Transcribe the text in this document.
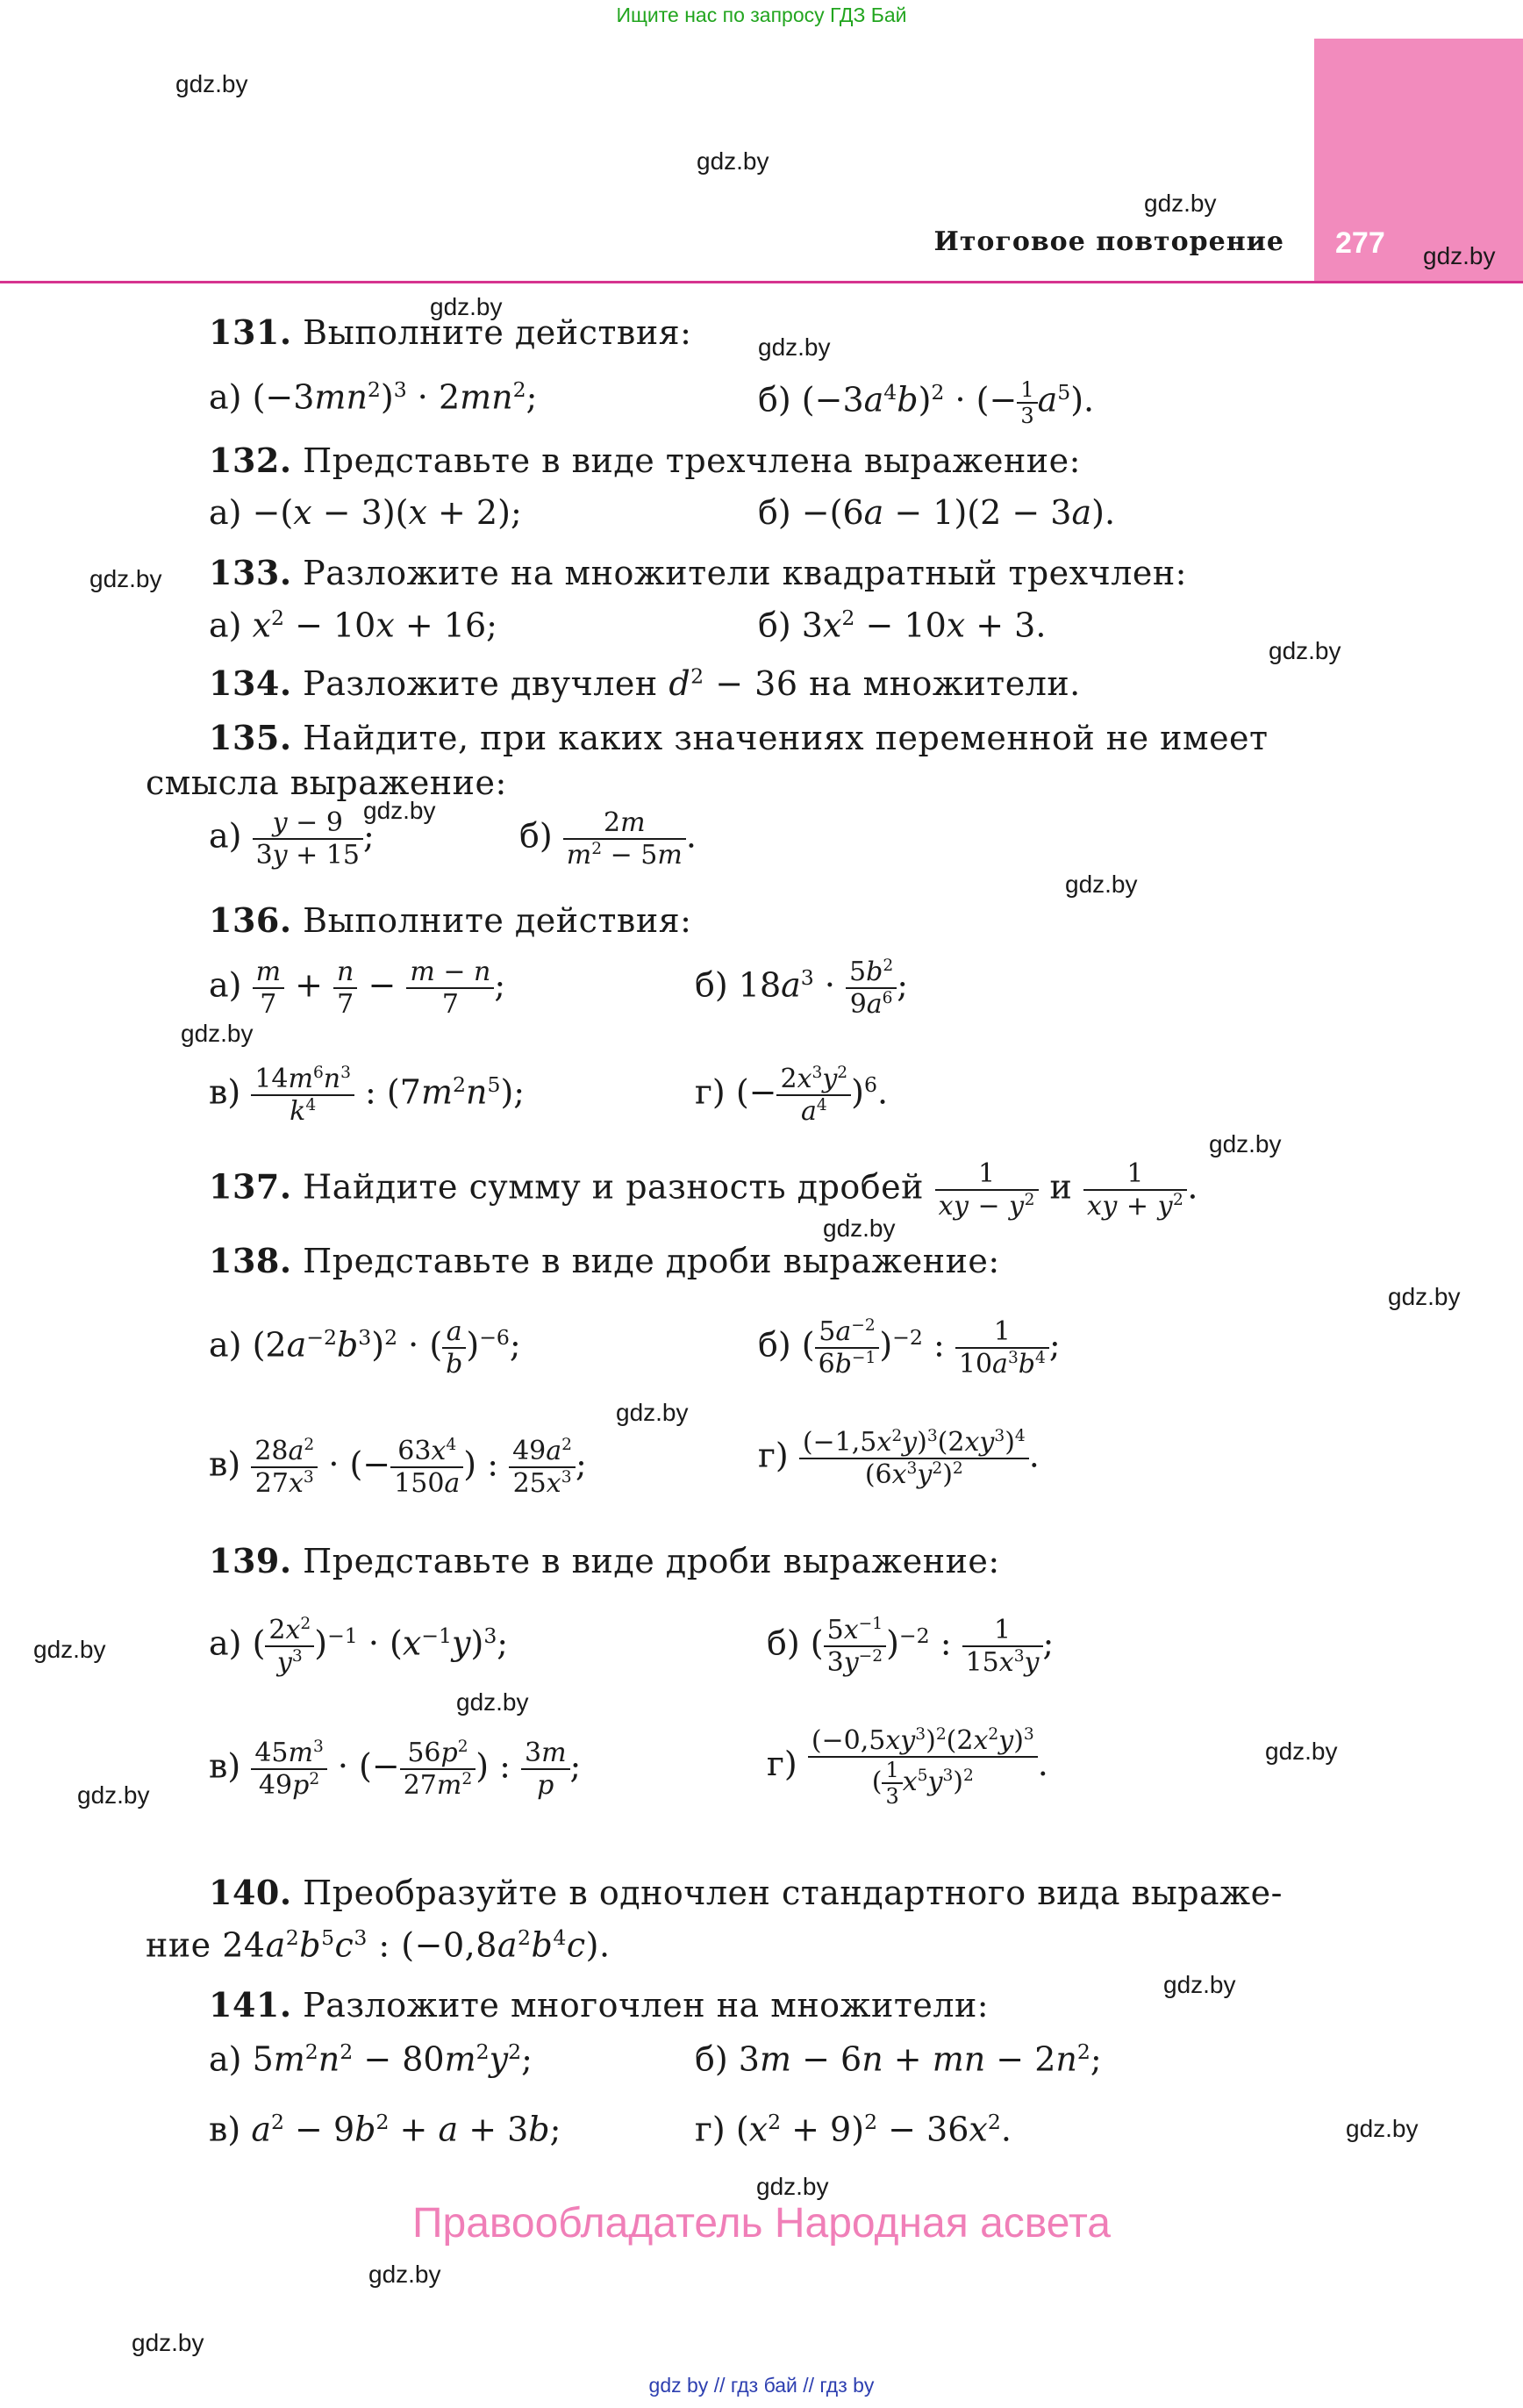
Ищите нас по запросу ГДЗ Бай
277
Итоговое повторение
gdz.by
gdz.by
gdz.by
gdz.by
gdz.by
gdz.by
gdz.by
gdz.by
gdz.by
gdz.by
gdz.by
gdz.by
gdz.by
gdz.by
gdz.by
gdz.by
gdz.by
gdz.by
gdz.by
gdz.by
gdz.by
gdz.by
gdz.by
gdz.by
131. Выполните действия:
а) $(-3mn^2)^3 \cdot 2mn^2$;	б) $(-3a^4b)^2$ · (− $\frac{1}{3} a^5$).
132. Представьте в виде трехчлена выражение:
а) −(x − 3)(x + 2);	б) −(6a − 1)(2 − 3a).
133. Разложите на множители квадратный трехчлен:
а) $x^2 - 10x + 16$;	б) $3x^2 - 10x + 3$.
134. Разложите двучлен $d^2 - 36$ на множители.
135. Найдите, при каких значениях переменной не имеет
смысла выражение:
$а) \frac{y - 9}{3y + 15}$ ;	$б) \frac{2m}{m^2 - 5m}$ .
136. Выполните действия:
$а) \frac{m}{7} + \frac{n}{7} - \frac{m - n}{7}$ ;	б) $18a^3 \cdot \frac{5b^2}{9a^6}$ ;
$в) \frac{14m^6n^3}{k^4}$ : $(7m^2n^5)$;	г) (− $\frac{2x^3y^2}{a^4} )^6$.
137. Найдите сумму и разность дробей $\frac{1}{xy - y^2}$ и $\frac{1}{xy + y^2}$ .
138. Представьте в виде дроби выражение:
а) $(2a^{-2}b^3)^2$ · ( $\frac{a}{b} )^{-6}$;	б) ( $\frac{5a^{-2}}{6b^{-1}} )^{-2}$ : $\frac{1}{10a^3b^4}$ ;
$в) \frac{28a^2}{27x^3}$ · (− $\frac{63x^4}{150a}$ ) : $\frac{49a^2}{25x^3}$ ;	$г) \frac{(-1,5x^2y)^3(2xy^3)^4}{(6x^3y^2)^2}$ .
139. Представьте в виде дроби выражение:
а) ( $\frac{2x^2}{y^3} )^{-1} \cdot (x^{-1}y)^3$;	б) ( $\frac{5x^{-1}}{3y^{-2}} )^{-2}$ : $\frac{1}{15x^3y}$ ;
$в) \frac{45m^3}{49p^2}$ · (− $\frac{56p^2}{27m^2}$ ) : $\frac{3m}{p}$ ;	$г) \frac{(-0,5xy^3)^2(2x^2y)^3}{( \frac{1}{3} x^5y^3)^2}$ .
140. Преобразуйте в одночлен стандартного вида выраже-
ние $24a^2b^5c^3$ : $(-0,8a^2b^4c)$.
141. Разложите многочлен на множители:
а) $5m^2n^2 - 80m^2y^2$;	б) 3m − 6n + mn − $2n^2$;
в) $a^2 - 9b^2 + a + 3b$;	г) $(x^2 + 9)^2 - 36x^2$.
Правообладатель Народная асвета
gdz by // гдз бай // гдз by
